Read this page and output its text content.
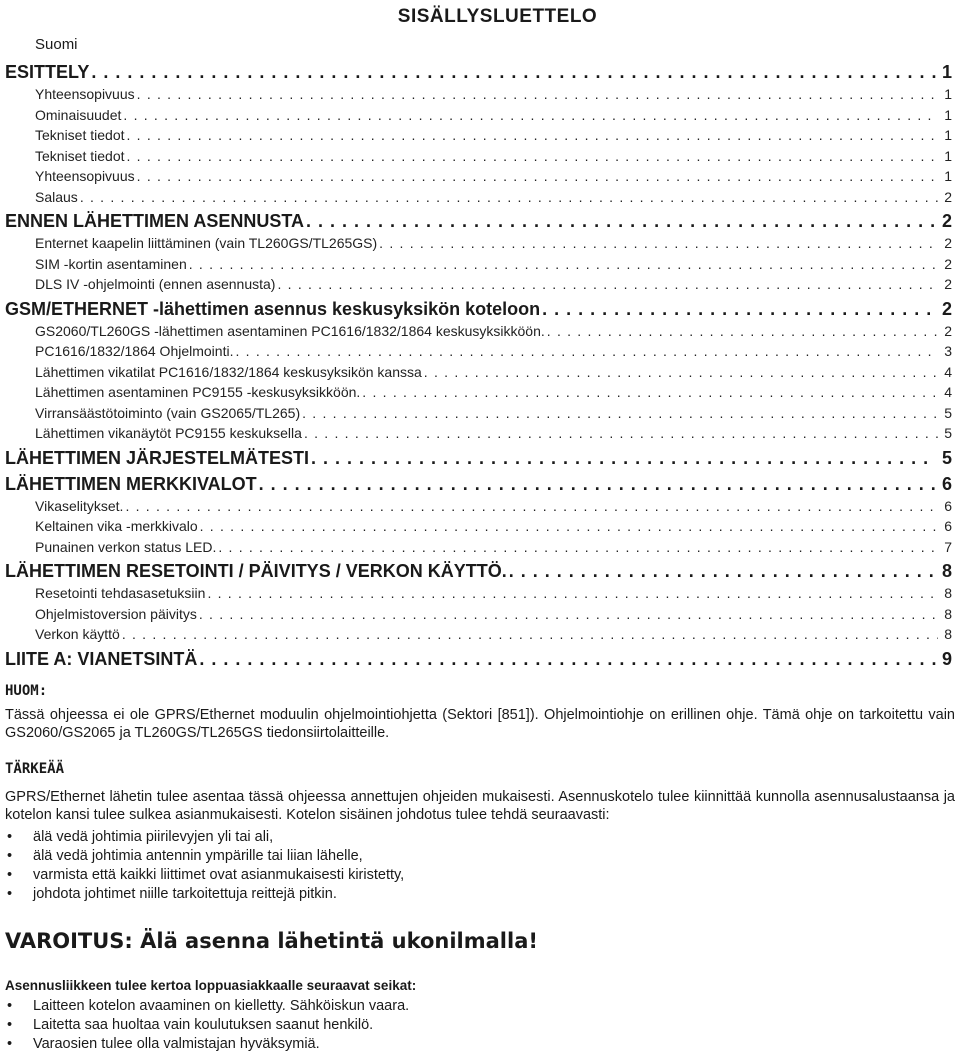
SISÄLLYSLUETTELO
Suomi
ESITTELY . . .	1
Yhteensopivuus . . .	1
Ominaisuudet . . .	1
Tekniset tiedot . . .	1
Tekniset tiedot . . .	1
Yhteensopivuus . . .	1
Salaus . . .	2
ENNEN LÄHETTIMEN ASENNUSTA . . .	2
Enternet kaapelin liittäminen (vain TL260GS/TL265GS) . . .	2
SIM -kortin asentaminen . . .	2
DLS IV -ohjelmointi (ennen asennusta) . . .	2
GSM/ETHERNET -lähettimen asennus keskusyksikön koteloon . . .	2
GS2060/TL260GS -lähettimen asentaminen PC1616/1832/1864 keskusyksikköön. . . .	2
PC1616/1832/1864 Ohjelmointi. . . .	3
Lähettimen vikatilat PC1616/1832/1864 keskusyksikön kanssa . . .	4
Lähettimen asentaminen PC9155 -keskusyksikköön. . . .	4
Virransäästötoiminto (vain GS2065/TL265) . . .	5
Lähettimen vikanäytöt PC9155 keskuksella . . .	5
LÄHETTIMEN JÄRJESTELMÄTESTI . . .	5
LÄHETTIMEN MERKKIVALOT . . .	6
Vikaselitykset. . . .	6
Keltainen vika -merkkivalo . . .	6
Punainen verkon status LED. . . .	7
LÄHETTIMEN RESETOINTI / PÄIVITYS / VERKON KÄYTTÖ. . . .	8
Resetointi tehdasasetuksiin . . .	8
Ohjelmistoversion päivitys . . .	8
Verkon käyttö . . .	8
LIITE A: VIANETSINTÄ . . .	9

HUOM:

Tässä ohjeessa ei ole GPRS/Ethernet moduulin ohjelmointiohjetta (Sektori [851]). Ohjelmointiohje on erillinen ohje. Tämä ohje on tarkoitettu vain GS2060/GS2065 ja TL260GS/TL265GS tiedonsiirtolaitteille.

TÄRKEÄÄ

GPRS/Ethernet lähetin tulee asentaa tässä ohjeessa annettujen ohjeiden mukaisesti. Asennuskotelo tulee kiinnittää kunnolla asennusalustaansa ja kotelon kansi tulee sulkea asianmukaisesti. Kotelon sisäinen johdotus tulee tehdä seuraavasti:

• älä vedä johtimia piirilevyjen yli tai ali,
• älä vedä johtimia antennin ympärille tai liian lähelle,
• varmista että kaikki liittimet ovat asianmukaisesti kiristetty,
• johdota johtimet niille tarkoitettuja reittejä pitkin.
VAROITUS: Älä asenna lähetintä ukonilmalla!

Asennusliikkeen tulee kertoa loppuasiakkaalle seuraavat seikat:

• Laitteen kotelon avaaminen on kielletty. Sähköiskun vaara.
• Laitetta saa huoltaa vain koulutuksen saanut henkilö.
• Varaosien tulee olla valmistajan hyväksymiä.
